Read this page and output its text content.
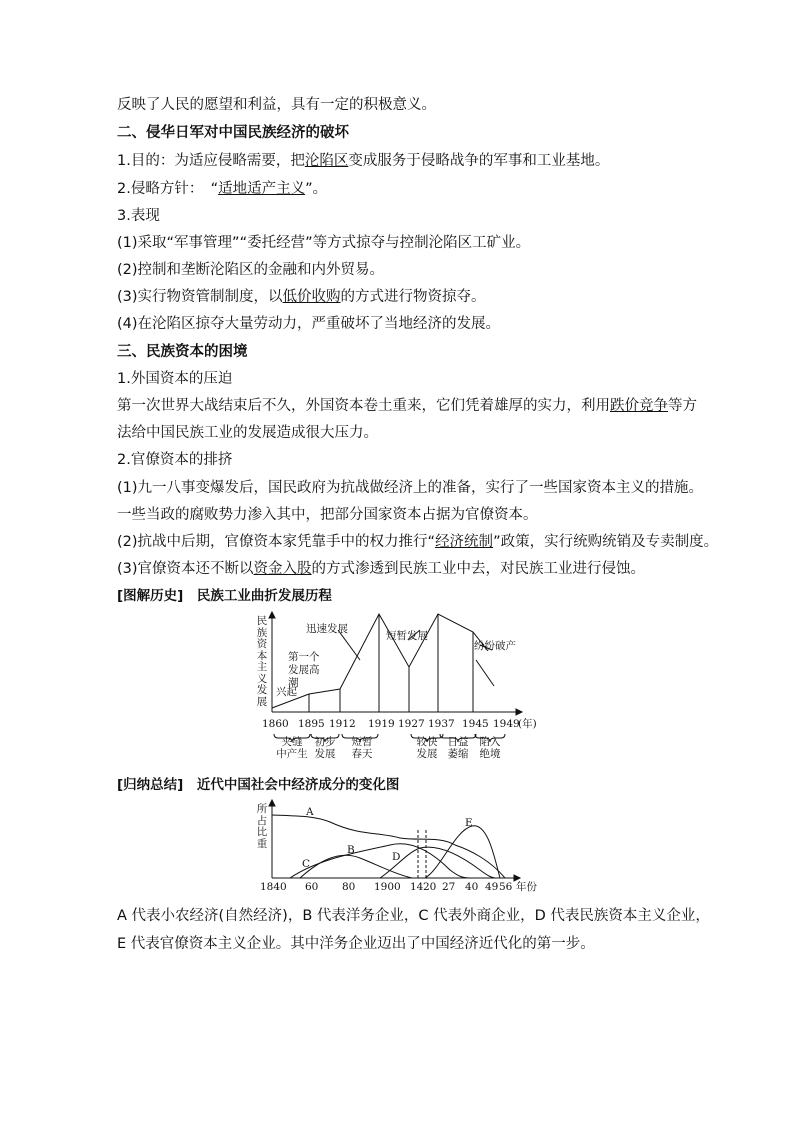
反映了人民的愿望和利益，具有一定的积极意义。
二、侵华日军对中国民族经济的破坏
1.目的：为适应侵略需要，把沦陷区变成服务于侵略战争的军事和工业基地。
2.侵略方针：　“适地适产主义”。
3.表现
(1)采取“军事管理”“委托经营”等方式掠夺与控制沦陷区工矿业。
(2)控制和垄断沦陷区的金融和内外贸易。
(3)实行物资管制制度，以低价收购的方式进行物资掠夺。
(4)在沦陷区掠夺大量劳动力，严重破坏了当地经济的发展。
三、民族资本的困境
1.外国资本的压迫
第一次世界大战结束后不久，外国资本卷土重来，它们凭着雄厚的实力，利用跌价竞争等方
法给中国民族工业的发展造成很大压力。
2.官僚资本的排挤
(1)九一八事变爆发后，国民政府为抗战做经济上的准备，实行了一些国家资本主义的措施。
一些当政的腐败势力渗入其中，把部分国家资本占据为官僚资本。
(2)抗战中后期，官僚资本家凭靠手中的权力推行“经济统制”政策，实行统购统销及专卖制度。
(3)官僚资本还不断以资金入股的方式渗透到民族工业中去，对民族工业进行侵蚀。
[图解历史]　民族工业曲折发展历程
民族资本主义发展
1860 1895 1912 1919 1927 1937 1945 1949
(年)
兴起
第一个发展高潮
迅速发展
短暂发展
纷纷破产
夹缝
中产生
初步
发展
短暂
春天
较快
发展
日益
萎缩
陷入
绝境
[归纳总结]　近代中国社会中经济成分的变化图
所占比重
A
B
C
D
E
1840 60 80 1900 14 20 27 40 49 56 年份
A 代表小农经济(自然经济)，B 代表洋务企业，C 代表外商企业，D 代表民族资本主义企业，
E 代表官僚资本主义企业。其中洋务企业迈出了中国经济近代化的第一步。
